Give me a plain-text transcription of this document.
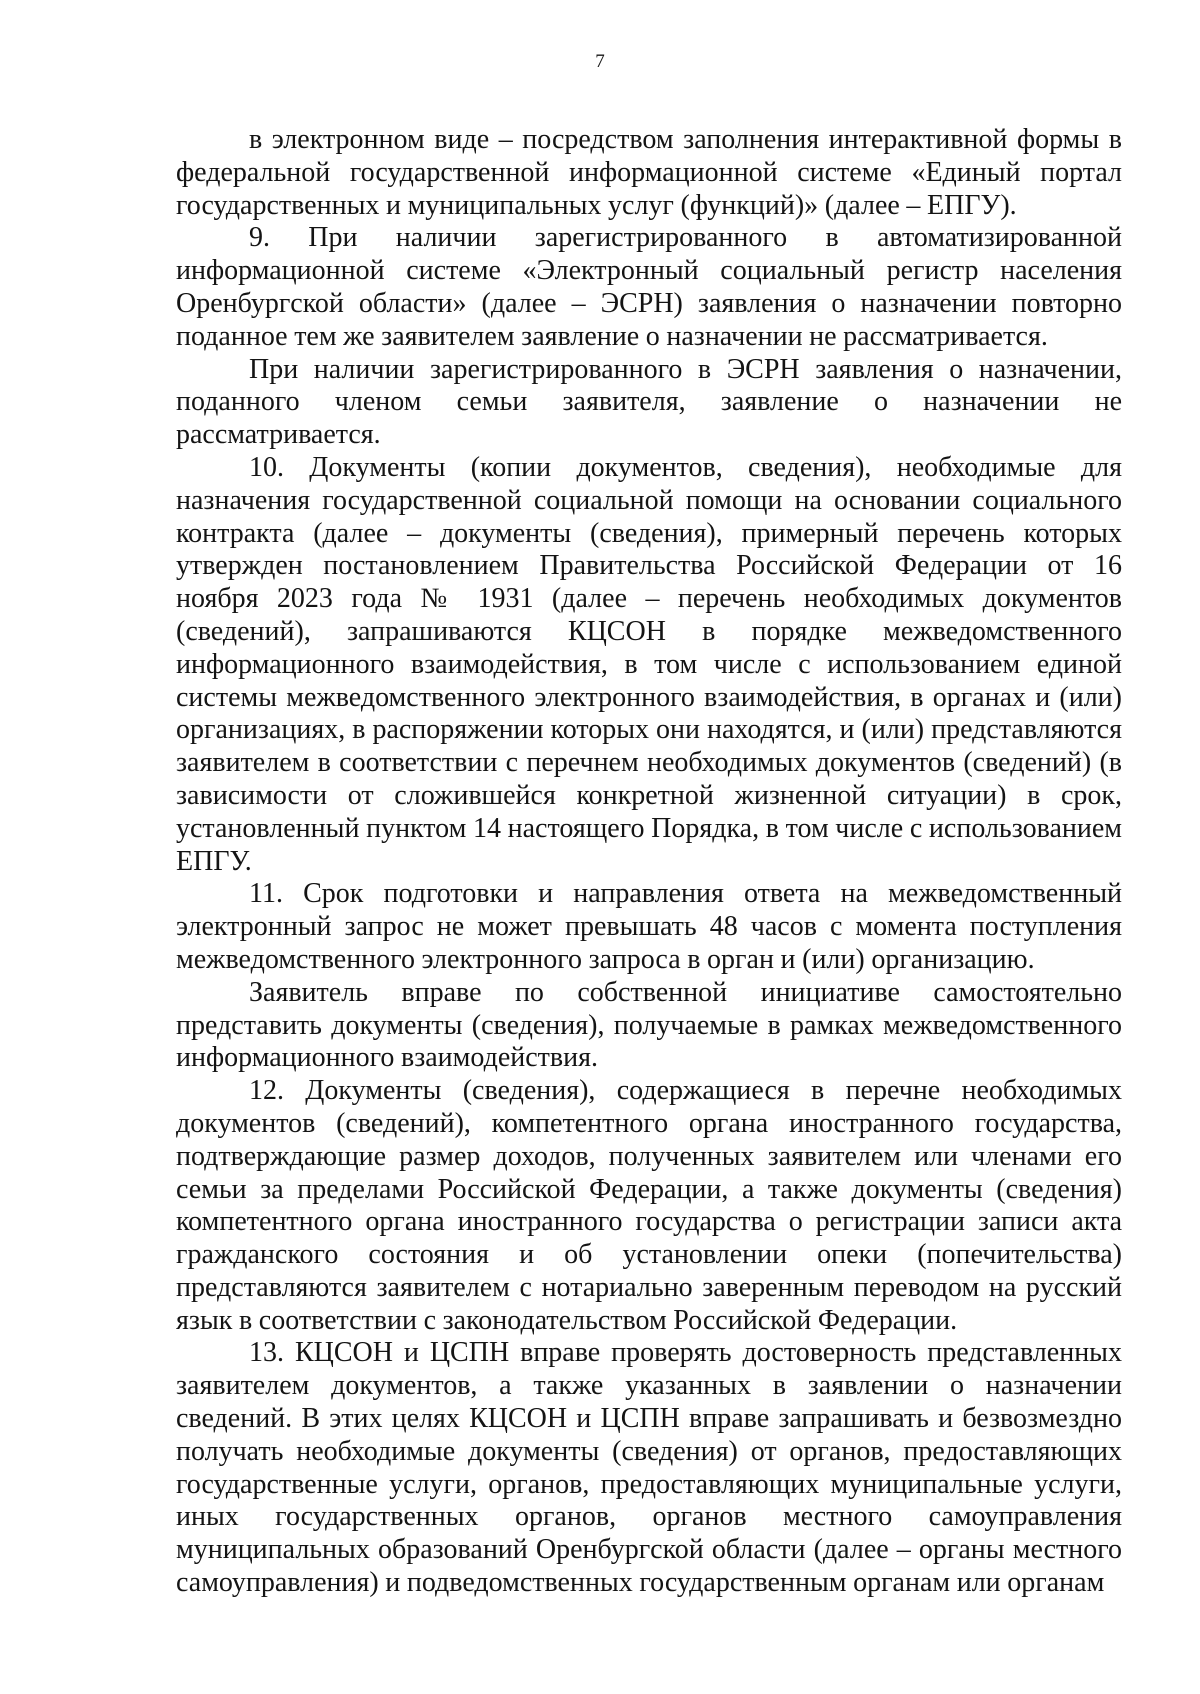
7

в электронном виде – посредством заполнения интерактивной формы в федеральной государственной информационной системе «Единый портал государственных и муниципальных услуг (функций)» (далее – ЕПГУ).

9. При наличии зарегистрированного в автоматизированной информационной системе «Электронный социальный регистр населения Оренбургской области» (далее – ЭСРН) заявления о назначении повторно поданное тем же заявителем заявление о назначении не рассматривается.

При наличии зарегистрированного в ЭСРН заявления о назначении, поданного членом семьи заявителя, заявление о назначении не рассматривается.

10. Документы (копии документов, сведения), необходимые для назначения государственной социальной помощи на основании социального контракта (далее – документы (сведения), примерный перечень которых утвержден постановлением Правительства Российской Федерации от 16 ноября 2023 года № 1931 (далее – перечень необходимых документов (сведений), запрашиваются КЦСОН в порядке межведомственного информационного взаимодействия, в том числе с использованием единой системы межведомственного электронного взаимодействия, в органах и (или) организациях, в распоряжении которых они находятся, и (или) представляются заявителем в соответствии с перечнем необходимых документов (сведений) (в зависимости от сложившейся конкретной жизненной ситуации) в срок, установленный пунктом 14 настоящего Порядка, в том числе с использованием ЕПГУ.

11. Срок подготовки и направления ответа на межведомственный электронный запрос не может превышать 48 часов с момента поступления межведомственного электронного запроса в орган и (или) организацию.

Заявитель вправе по собственной инициативе самостоятельно представить документы (сведения), получаемые в рамках межведомственного информационного взаимодействия.

12. Документы (сведения), содержащиеся в перечне необходимых документов (сведений), компетентного органа иностранного государства, подтверждающие размер доходов, полученных заявителем или членами его семьи за пределами Российской Федерации, а также документы (сведения) компетентного органа иностранного государства о регистрации записи акта гражданского состояния и об установлении опеки (попечительства) представляются заявителем с нотариально заверенным переводом на русский язык в соответствии с законодательством Российской Федерации.

13. КЦСОН и ЦСПН вправе проверять достоверность представленных заявителем документов, а также указанных в заявлении о назначении сведений. В этих целях КЦСОН и ЦСПН вправе запрашивать и безвозмездно получать необходимые документы (сведения) от органов, предоставляющих государственные услуги, органов, предоставляющих муниципальные услуги, иных государственных органов, органов местного самоуправления муниципальных образований Оренбургской области (далее – органы местного самоуправления) и подведомственных государственным органам или органам
